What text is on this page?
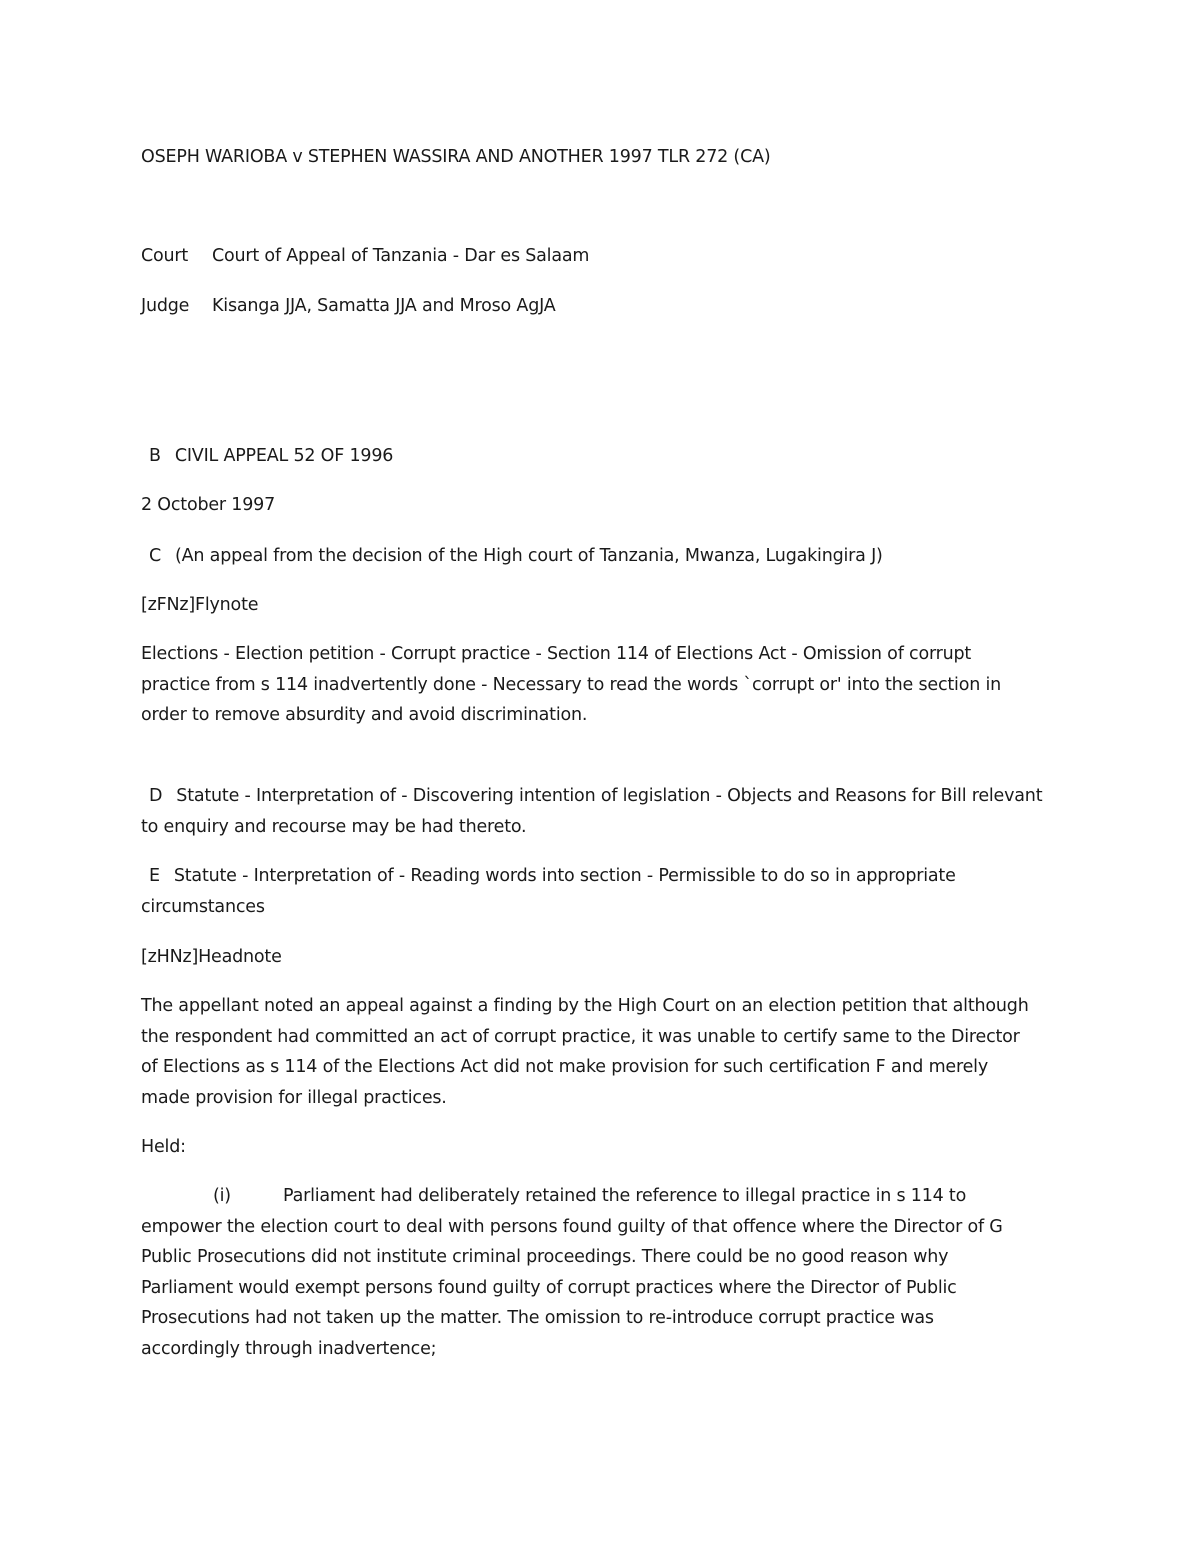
OSEPH WARIOBA v STEPHEN WASSIRA AND ANOTHER 1997 TLR 272 (CA)
Court Court of Appeal of Tanzania - Dar es Salaam
Judge Kisanga JJA, Samatta JJA and Mroso AgJA
B CIVIL APPEAL 52 OF 1996
2 October 1997
C (An appeal from the decision of the High court of Tanzania, Mwanza, Lugakingira J)
[zFNz]Flynote
Elections - Election petition - Corrupt practice - Section 114 of Elections Act - Omission of corrupt
practice from s 114 inadvertently done - Necessary to read the words `corrupt or' into the section in
order to remove absurdity and avoid discrimination.
D Statute - Interpretation of - Discovering intention of legislation - Objects and Reasons for Bill relevant
to enquiry and recourse may be had thereto.
E Statute - Interpretation of - Reading words into section - Permissible to do so in appropriate
circumstances
[zHNz]Headnote
The appellant noted an appeal against a finding by the High Court on an election petition that although
the respondent had committed an act of corrupt practice, it was unable to certify same to the Director
of Elections as s 114 of the Elections Act did not make provision for such certification F and merely
made provision for illegal practices.
Held:
(i)	Parliament had deliberately retained the reference to illegal practice in s 114 to
empower the election court to deal with persons found guilty of that offence where the Director of G
Public Prosecutions did not institute criminal proceedings. There could be no good reason why
Parliament would exempt persons found guilty of corrupt practices where the Director of Public
Prosecutions had not taken up the matter. The omission to re-introduce corrupt practice was
accordingly through inadvertence;
